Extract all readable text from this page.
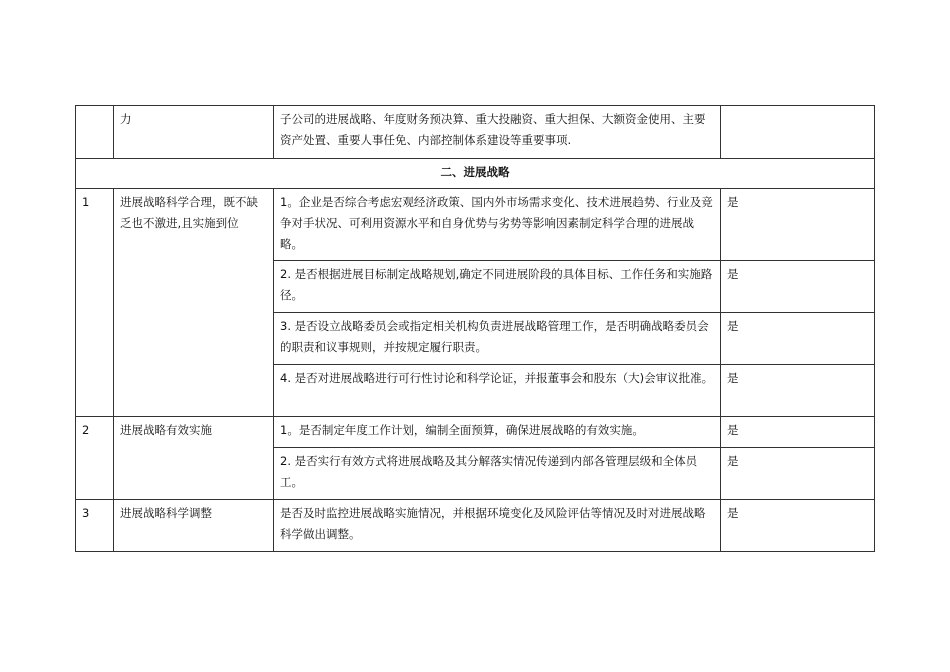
	力	子公司的进展战略、年度财务预决算、重大投融资、重大担保、大额资金使用、主要资产处置、重要人事任免、内部控制体系建设等重要事项.	
二、进展战略			
1	进展战略科学合理，既不缺乏也不激进,且实施到位	1。企业是否综合考虑宏观经济政策、国内外市场需求变化、技术进展趋势、行业及竞争对手状况、可利用资源水平和自身优势与劣势等影响因素制定科学合理的进展战略。	是
		2. 是否根据进展目标制定战略规划,确定不同进展阶段的具体目标、工作任务和实施路径。	是
		3. 是否设立战略委员会或指定相关机构负责进展战略管理工作，是否明确战略委员会的职责和议事规则，并按规定履行职责。	是
		4. 是否对进展战略进行可行性讨论和科学论证，并报董事会和股东（大)会审议批准。	是
2	进展战略有效实施	1。是否制定年度工作计划，编制全面预算，确保进展战略的有效实施。	是
		2. 是否实行有效方式将进展战略及其分解落实情况传递到内部各管理层级和全体员工。	是
3	进展战略科学调整	是否及时监控进展战略实施情况，并根据环境变化及风险评估等情况及时对进展战略科学做出调整。	是
